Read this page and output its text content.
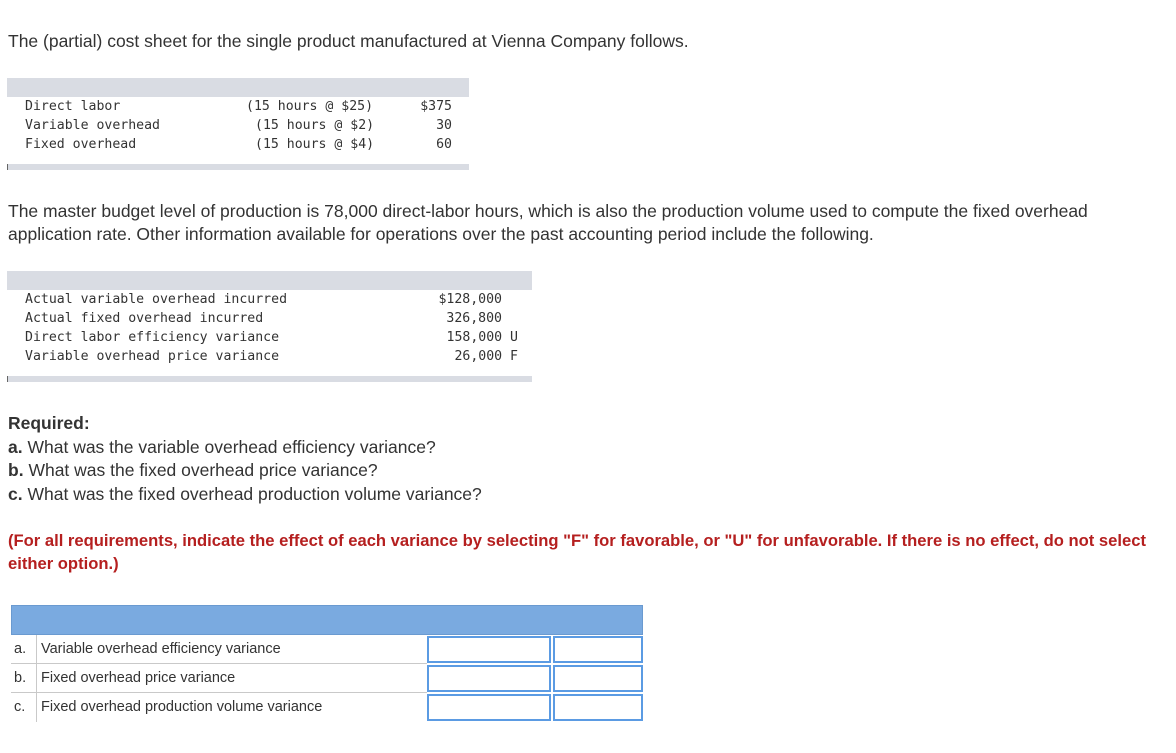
The (partial) cost sheet for the single product manufactured at Vienna Company follows.

Direct labor	(15 hours @ $25)	$375
Variable overhead	(15 hours @ $2)	30
Fixed overhead	(15 hours @ $4)	60

The master budget level of production is 78,000 direct-labor hours, which is also the production volume used to compute the fixed overhead application rate. Other information available for operations over the past accounting period include the following.

Actual variable overhead incurred	$128,000
Actual fixed overhead incurred	326,800
Direct labor efficiency variance	158,000 U
Variable overhead price variance	26,000 F
Required:
a. What was the variable overhead efficiency variance?
b. What was the fixed overhead price variance?
c. What was the fixed overhead production volume variance?

(For all requirements, indicate the effect of each variance by selecting "F" for favorable, or "U" for unfavorable. If there is no effect, do not select either option.)

a.	Variable overhead efficiency variance
b.	Fixed overhead price variance
c.	Fixed overhead production volume variance
